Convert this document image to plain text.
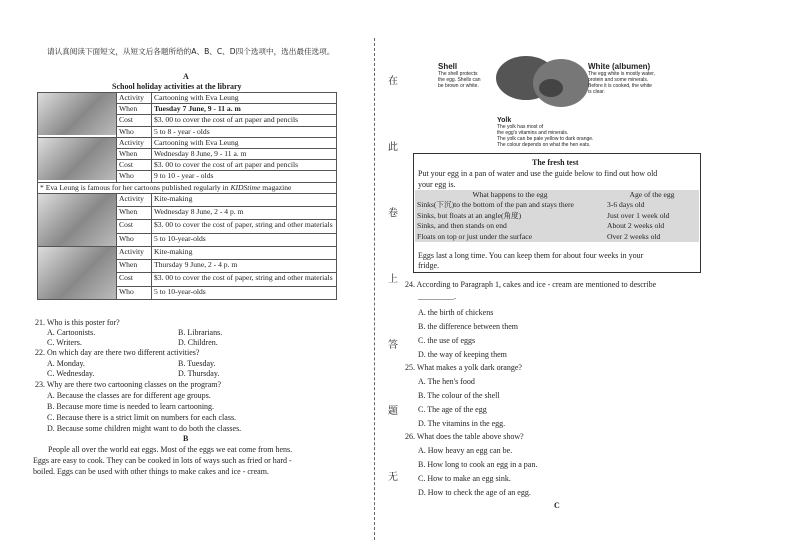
请认真阅读下面短文，从短文后各题所给的A、B、C、D四个选项中，选出最佳选项。
A
School holiday activities at the library
	Activity	Cartooning with Eva Leung
	When	Tuesday 7 June, 9 - 11 a. m
	Cost	$3. 00 to cover the cost of art paper and pencils
	Who	5 to 8 - year - olds

	Activity	Cartooning with Eva Leung
	When	Wednesday 8 June, 9 - 11 a. m
	Cost	$3. 00 to cover the cost of art paper and pencils
	Who	9 to 10 - year - olds
* Eva Leung is famous for her cartoons published regularly in KIDStime magazine		

	Activity	Kite-making
	When	Wednesday 8 June, 2 - 4 p. m
	Cost	$3. 00 to cover the cost of paper, string and other materials
	Who	5 to 10-year-olds

	Activity	Kite-making
	When	Thursday 9 June, 2 - 4 p. m
	Cost	$3. 00 to cover the cost of paper, string and other materials
	Who	5 to 10-year-olds
21. Who is this poster for?
A. Cartoonists.	B. Librarians.
C. Writers.	D. Children.
22. On which day are there two different activities?
A. Monday.	B. Tuesday.
C. Wednesday.	D. Thursday.
23. Why are there two cartooning classes on the program?
A. Because the classes are for different age groups.
B. Because more time is needed to learn cartooning.
C. Because there is a strict limit on numbers for each class.
D. Because some children might want to do both the classes.
B
People all over the world eat eggs. Most of the eggs we eat come from hens.
Eggs are easy to cook. They can be cooked in lots of ways such as fried or hard -
boiled. Eggs can be used with other things to make cakes and ice - cream.
在
此
卷
上
答
题
无
Shell
The shell protects
the egg. Shells can
be brown or white.
White (albumen)
The egg white is mostly water,
protein and some minerals.
Before it is cooked, the white
is clear.
Yolk
The yolk has most of
the egg's vitamins and minerals.
The yolk can be pale yellow to dark orange.
The colour depends on what the hen eats.
The fresh test
Put your egg in a pan of water and use the guide below to find out how old
your egg is.
What happens to the egg	Age of the egg
Sinks(下沉)to the bottom of the pan and stays there	3-6 days old
Sinks, but floats at an angle(角度)	Just over 1 week old
Sinks, and then stands on end	About 2 weeks old
Floats on top or just under the surface	Over 2 weeks old
Eggs last a long time. You can keep them for about four weeks in your
fridge.
24. According to Paragraph 1, cakes and ice - cream are mentioned to describe
_________.
A. the birth of chickens
B. the difference between them
C. the use of eggs
D. the way of keeping them
25. What makes a yolk dark orange?
A. The hen's food
B. The colour of the shell
C. The age of the egg
D. The vitamins in the egg.
26. What does the table above show?
A. How heavy an egg can be.
B. How long to cook an egg in a pan.
C. How to make an egg sink.
D. How to check the age of an egg.
C
